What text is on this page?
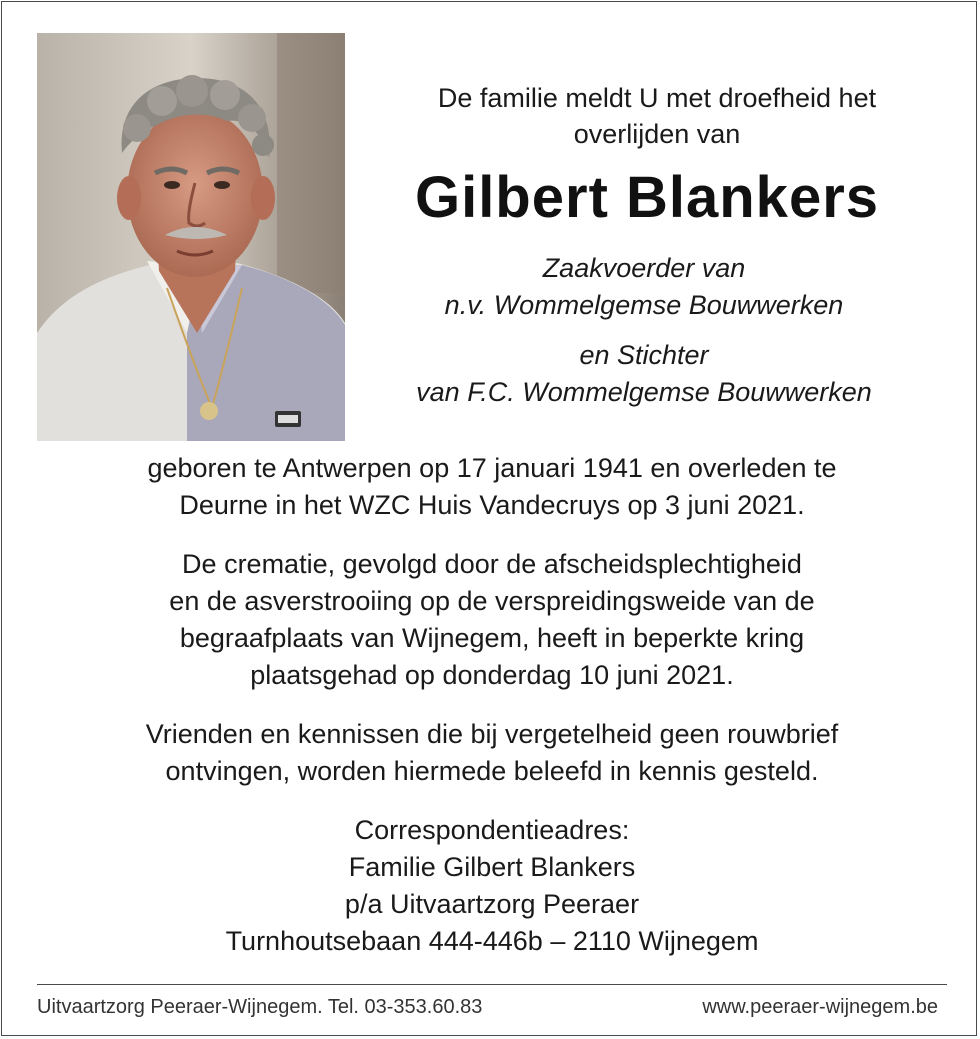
De familie meldt U met droefheid het
overlijden van
Gilbert Blankers
Zaakvoerder van
n.v. Wommelgemse Bouwwerken
en Stichter
van F.C. Wommelgemse Bouwwerken
geboren te Antwerpen op 17 januari 1941 en overleden te
Deurne in het WZC Huis Vandecruys op 3 juni 2021.
De crematie, gevolgd door de afscheidsplechtigheid
en de asverstrooiing op de verspreidingsweide van de
begraafplaats van Wijnegem, heeft in beperkte kring
plaatsgehad op donderdag 10 juni 2021.
Vrienden en kennissen die bij vergetelheid geen rouwbrief
ontvingen, worden hiermede beleefd in kennis gesteld.
Correspondentieadres:
Familie Gilbert Blankers
p/a Uitvaartzorg Peeraer
Turnhoutsebaan 444-446b – 2110 Wijnegem
Uitvaartzorg Peeraer-Wijnegem. Tel. 03-353.60.83	www.peeraer-wijnegem.be
